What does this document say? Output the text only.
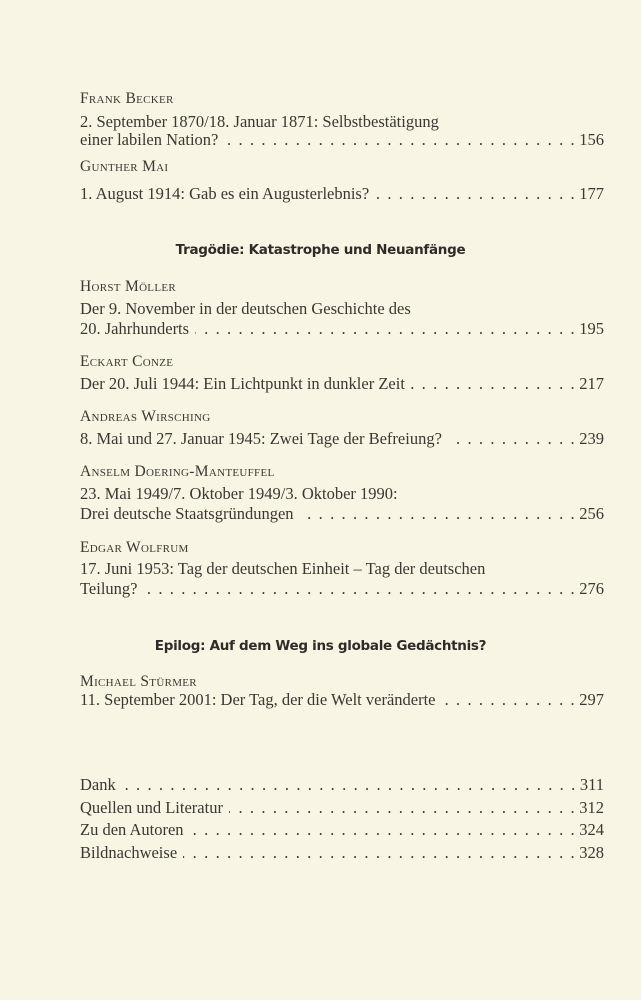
Frank Becker
2. September 1870/18. Januar 1871: Selbstbestätigung
einer labilen Nation? . . .	156
Gunther Mai
1. August 1914: Gab es ein Augusterlebnis? . . .	177
Tragödie: Katastrophe und Neuanfänge
Horst Möller
Der 9. November in der deutschen Geschichte des
20. Jahrhunderts . . .	195
Eckart Conze
Der 20. Juli 1944: Ein Lichtpunkt in dunkler Zeit . . .	217
Andreas Wirsching
8. Mai und 27. Januar 1945: Zwei Tage der Befreiung? . . .	239
Anselm Doering-Manteuffel
23. Mai 1949/7. Oktober 1949/3. Oktober 1990:
Drei deutsche Staatsgründungen . . .	256
Edgar Wolfrum
17. Juni 1953: Tag der deutschen Einheit – Tag der deutschen
Teilung? . . .	276
Epilog: Auf dem Weg ins globale Gedächtnis?
Michael Stürmer
11. September 2001: Der Tag, der die Welt veränderte . . .	297
Dank . . .	311
Quellen und Literatur . . .	312
Zu den Autoren . . .	324
Bildnachweise . . .	328
